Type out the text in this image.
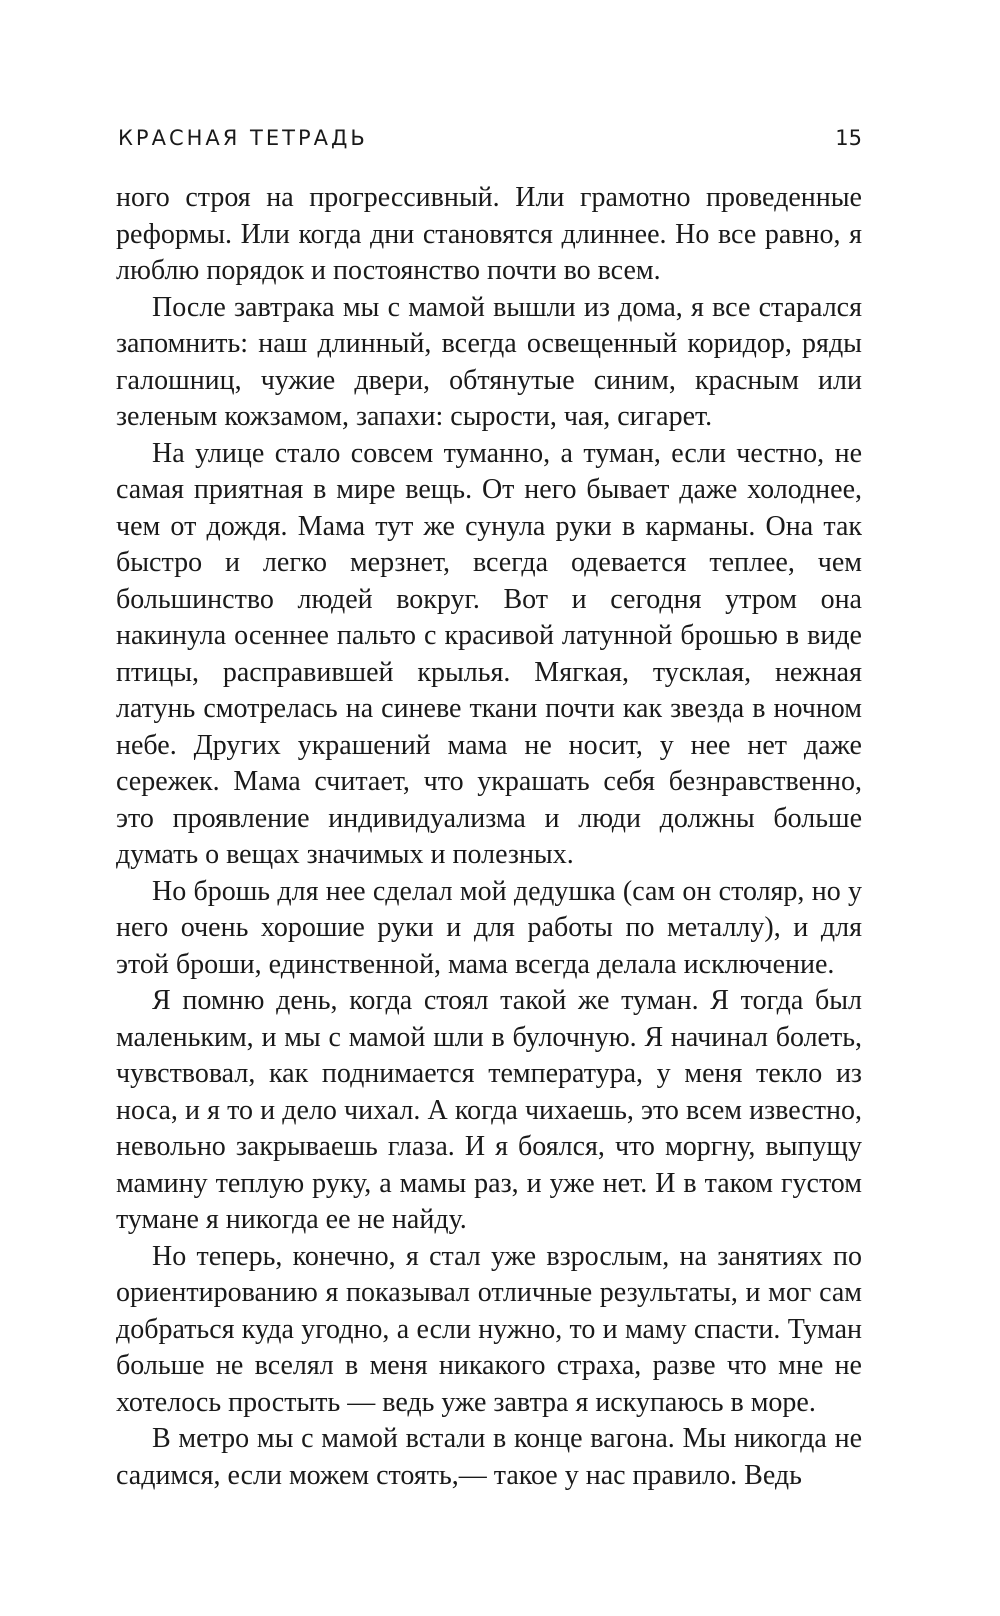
КРАСНАЯ ТЕТРАДЬ	15

ного строя на прогрессивный. Или грамотно проведенные реформы. Или когда дни становятся длиннее. Но все равно, я люблю порядок и постоянство почти во всем.

После завтрака мы с мамой вышли из дома, я все старался запомнить: наш длинный, всегда освещенный коридор, ряды галошниц, чужие двери, обтянутые синим, красным или зеленым кожзамом, запахи: сырости, чая, сигарет.

На улице стало совсем туманно, а туман, если честно, не самая приятная в мире вещь. От него бывает даже холоднее, чем от дождя. Мама тут же сунула руки в карманы. Она так быстро и легко мерзнет, всегда одевается теплее, чем большинство людей вокруг. Вот и сегодня утром она накинула осеннее пальто с красивой латунной брошью в виде птицы, расправившей крылья. Мягкая, тусклая, нежная латунь смотрелась на синеве ткани почти как звезда в ночном небе. Других украшений мама не носит, у нее нет даже сережек. Мама считает, что украшать себя безнравственно, это проявление индивидуализма и люди должны больше думать о вещах значимых и полезных.

Но брошь для нее сделал мой дедушка (сам он столяр, но у него очень хорошие руки и для работы по металлу), и для этой броши, единственной, мама всегда делала исключение.

Я помню день, когда стоял такой же туман. Я тогда был маленьким, и мы с мамой шли в булочную. Я начинал болеть, чувствовал, как поднимается температура, у меня текло из носа, и я то и дело чихал. А когда чихаешь, это всем известно, невольно закрываешь глаза. И я боялся, что моргну, выпущу мамину теплую руку, а мамы раз, и уже нет. И в таком густом тумане я никогда ее не найду.

Но теперь, конечно, я стал уже взрослым, на занятиях по ориентированию я показывал отличные результаты, и мог сам добраться куда угодно, а если нужно, то и маму спасти. Туман больше не вселял в меня никакого страха, разве что мне не хотелось простыть — ведь уже завтра я искупаюсь в море.

В метро мы с мамой встали в конце вагона. Мы никогда не садимся, если можем стоять,— такое у нас правило. Ведь
